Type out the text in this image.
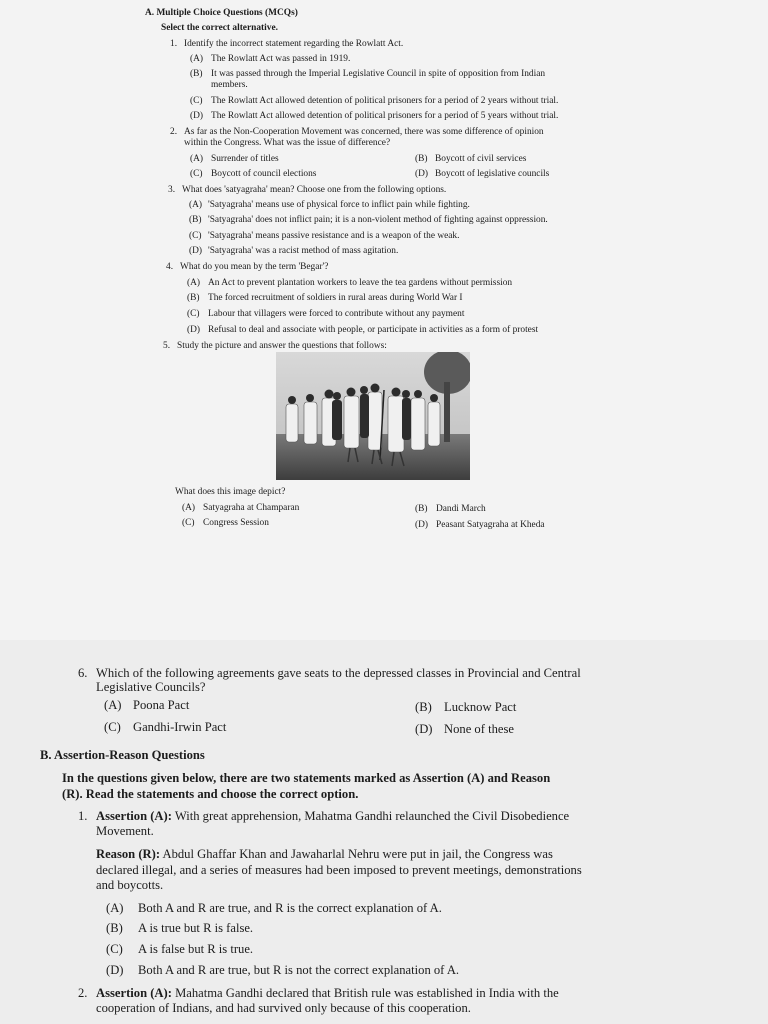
A. Multiple Choice Questions (MCQs)
Select the correct alternative.
1. Identify the incorrect statement regarding the Rowlatt Act.
(A) The Rowlatt Act was passed in 1919.
(B) It was passed through the Imperial Legislative Council in spite of opposition from Indian
members.
(C) The Rowlatt Act allowed detention of political prisoners for a period of 2 years without trial.
(D) The Rowlatt Act allowed detention of political prisoners for a period of 5 years without trial.
2. As far as the Non-Cooperation Movement was concerned, there was some difference of opinion
within the Congress. What was the issue of difference?
(A) Surrender of titles	(B) Boycott of civil services
(C) Boycott of council elections	(D) Boycott of legislative councils
3. What does 'satyagraha' mean? Choose one from the following options.
(A) 'Satyagraha' means use of physical force to inflict pain while fighting.
(B) 'Satyagraha' does not inflict pain; it is a non-violent method of fighting against oppression.
(C) 'Satyagraha' means passive resistance and is a weapon of the weak.
(D) 'Satyagraha' was a racist method of mass agitation.
4. What do you mean by the term 'Begar'?
(A) An Act to prevent plantation workers to leave the tea gardens without permission
(B) The forced recruitment of soldiers in rural areas during World War I
(C) Labour that villagers were forced to contribute without any payment
(D) Refusal to deal and associate with people, or participate in activities as a form of protest
5. Study the picture and answer the questions that follows:
What does this image depict?
(A) Satyagraha at Champaran	(B) Dandi March
(C) Congress Session	(D) Peasant Satyagraha at Kheda
6. Which of the following agreements gave seats to the depressed classes in Provincial and Central
Legislative Councils?
(A) Poona Pact	(B) Lucknow Pact
(C) Gandhi-Irwin Pact	(D) None of these
B. Assertion-Reason Questions
In the questions given below, there are two statements marked as Assertion (A) and Reason
(R). Read the statements and choose the correct option.
1. Assertion (A): With great apprehension, Mahatma Gandhi relaunched the Civil Disobedience
Movement.
Reason (R): Abdul Ghaffar Khan and Jawaharlal Nehru were put in jail, the Congress was
declared illegal, and a series of measures had been imposed to prevent meetings, demonstrations
and boycotts.
(A) Both A and R are true, and R is the correct explanation of A.
(B) A is true but R is false.
(C) A is false but R is true.
(D) Both A and R are true, but R is not the correct explanation of A.
2. Assertion (A): Mahatma Gandhi declared that British rule was established in India with the
cooperation of Indians, and had survived only because of this cooperation.
